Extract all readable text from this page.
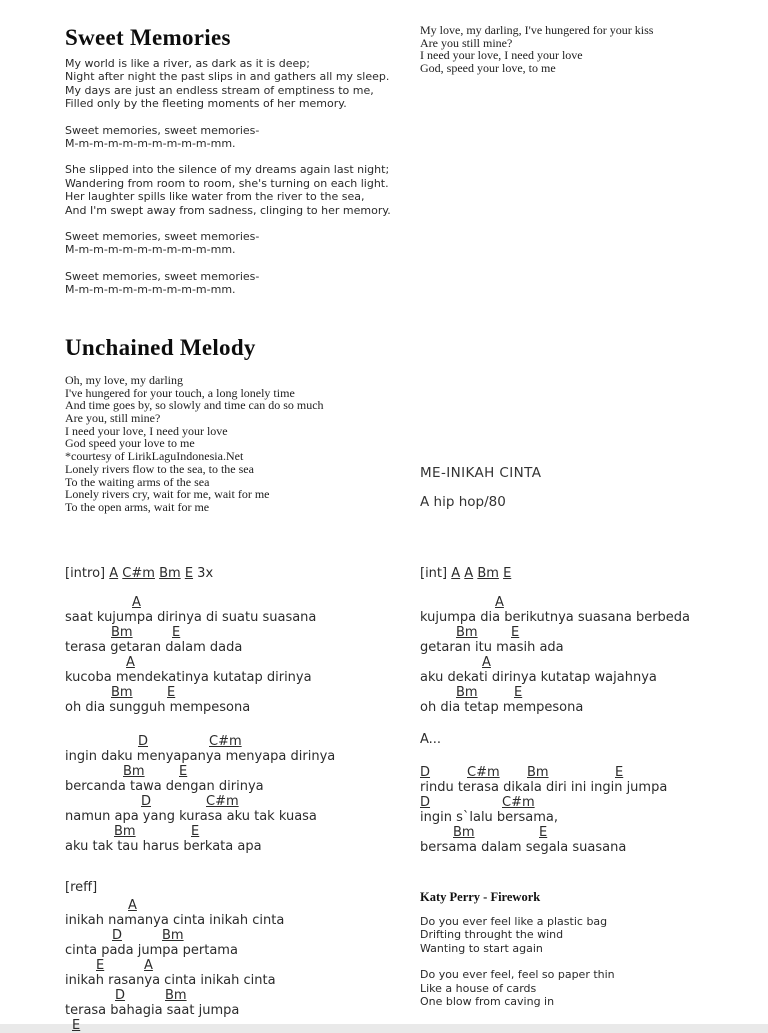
Sweet Memories
My world is like a river, as dark as it is deep;
Night after night the past slips in and gathers all my sleep.
My days are just an endless stream of emptiness to me,
Filled only by the fleeting moments of her memory.
Sweet memories, sweet memories-
M-m-m-m-m-m-m-m-m-m-mm.
She slipped into the silence of my dreams again last night;
Wandering from room to room, she's turning on each light.
Her laughter spills like water from the river to the sea,
And I'm swept away from sadness, clinging to her memory.
Sweet memories, sweet memories-
M-m-m-m-m-m-m-m-m-m-mm.
Sweet memories, sweet memories-
M-m-m-m-m-m-m-m-m-m-mm.
Unchained Melody
Oh, my love, my darling
I've hungered for your touch, a long lonely time
And time goes by, so slowly and time can do so much
Are you, still mine?
I need your love, I need your love
God speed your love to me
*courtesy of LirikLaguIndonesia.Net
Lonely rivers flow to the sea, to the sea
To the waiting arms of the sea
Lonely rivers cry, wait for me, wait for me
To the open arms, wait for me
[intro] A C#m Bm E 3x
A
saat kujumpa dirinya di suatu suasana
Bm	E
terasa getaran dalam dada
A
kucoba mendekatinya kutatap dirinya
Bm	E
oh dia sungguh mempesona
D	C#m
ingin daku menyapanya menyapa dirinya
Bm	E
bercanda tawa dengan dirinya
D	C#m
namun apa yang kurasa aku tak kuasa
Bm	E
aku tak tau harus berkata apa
[reff]
A
inikah namanya cinta inikah cinta
D	Bm
cinta pada jumpa pertama
E	A
inikah rasanya cinta inikah cinta
D	Bm
terasa bahagia saat jumpa
E
My love, my darling, I've hungered for your kiss
Are you still mine?
I need your love, I need your love
God, speed your love, to me
ME-INIKAH CINTA
A hip hop/80
[int] A A Bm E
A
kujumpa dia berikutnya suasana berbeda
Bm	E
getaran itu masih ada
A
aku dekati dirinya kutatap wajahnya
Bm	E
oh dia tetap mempesona
A...
D	C#m Bm	E
rindu terasa dikala diri ini ingin jumpa
D	C#m
ingin s`lalu bersama,
Bm	E
bersama dalam segala suasana
Katy Perry - Firework
Do you ever feel like a plastic bag
Drifting throught the wind
Wanting to start again
Do you ever feel, feel so paper thin
Like a house of cards
One blow from caving in
